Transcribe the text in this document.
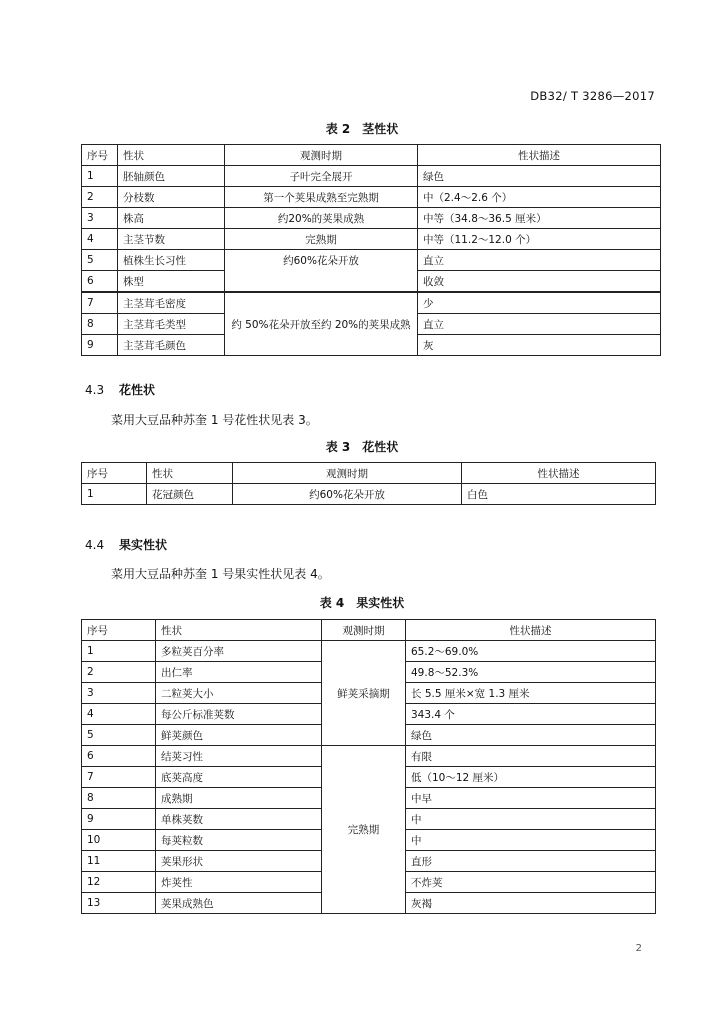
DB32/ T 3286—2017
表 2　茎性状
序号	性状	观测时期	性状描述
1	胚轴颜色	子叶完全展开	绿色
2	分枝数	第一个荚果成熟至完熟期	中（2.4～2.6 个）
3	株高	约20%的荚果成熟	中等（34.8～36.5 厘米）
4	主茎节数	完熟期	中等（11.2～12.0 个）
5	植株生长习性	约60%花朵开放	直立
6	株型		收敛
7	主茎茸毛密度	约 50%花朵开放至约 20%的荚果成熟	少
8	主茎茸毛类型		直立
9	主茎茸毛颜色		灰
4.3 花性状
菜用大豆品种苏奎 1 号花性状见表 3。
表 3　花性状
序号	性状	观测时期	性状描述
1	花冠颜色	约60%花朵开放	白色
4.4 果实性状
菜用大豆品种苏奎 1 号果实性状见表 4。
表 4　果实性状
序号	性状	观测时期	性状描述
1	多粒荚百分率	鲜荚采摘期	65.2～69.0%
2	出仁率		49.8～52.3%
3	二粒荚大小		长 5.5 厘米×宽 1.3 厘米
4	每公斤标准荚数		343.4 个
5	鲜荚颜色		绿色
6	结荚习性	完熟期	有限
7	底荚高度		低（10～12 厘米）
8	成熟期		中早
9	单株荚数		中
10	每荚粒数		中
11	荚果形状		直形
12	炸荚性		不炸荚
13	荚果成熟色		灰褐
2
